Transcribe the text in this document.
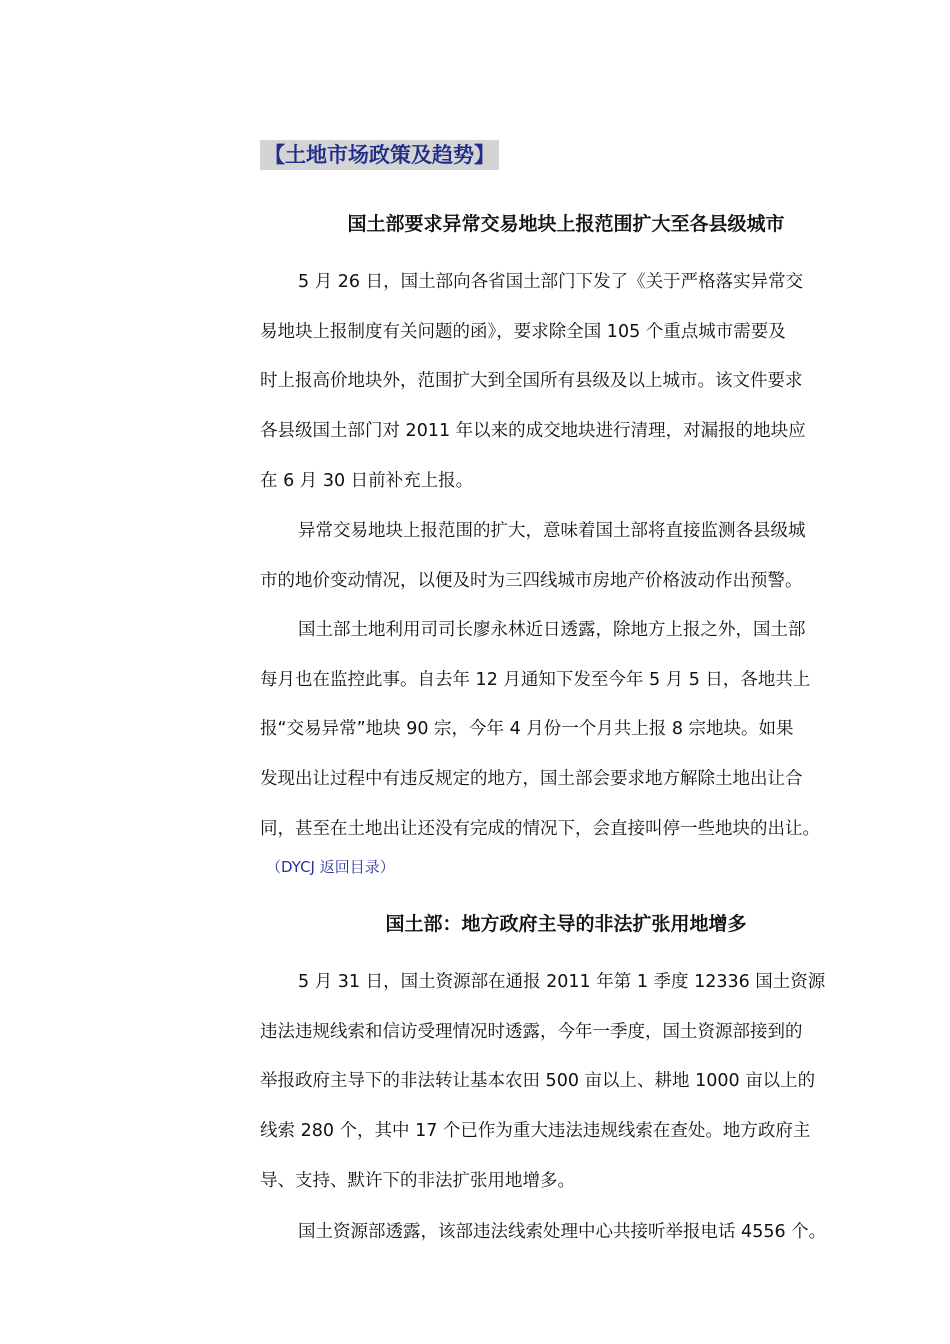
【土地市场政策及趋势】
国土部要求异常交易地块上报范围扩大至各县级城市
5 月 26 日，国土部向各省国土部门下发了《关于严格落实异常交
易地块上报制度有关问题的函》，要求除全国 105 个重点城市需要及
时上报高价地块外，范围扩大到全国所有县级及以上城市。该文件要求
各县级国土部门对 2011 年以来的成交地块进行清理，对漏报的地块应
在 6 月 30 日前补充上报。
异常交易地块上报范围的扩大，意味着国土部将直接监测各县级城
市的地价变动情况，以便及时为三四线城市房地产价格波动作出预警。
国土部土地利用司司长廖永林近日透露，除地方上报之外，国土部
每月也在监控此事。自去年 12 月通知下发至今年 5 月 5 日，各地共上
报“交易异常”地块 90 宗，今年 4 月份一个月共上报 8 宗地块。如果
发现出让过程中有违反规定的地方，国土部会要求地方解除土地出让合
同，甚至在土地出让还没有完成的情况下，会直接叫停一些地块的出让。
（DYCJ 返回目录）
国土部：地方政府主导的非法扩张用地增多
5 月 31 日，国土资源部在通报 2011 年第 1 季度 12336 国土资源
违法违规线索和信访受理情况时透露，今年一季度，国土资源部接到的
举报政府主导下的非法转让基本农田 500 亩以上、耕地 1000 亩以上的
线索 280 个，其中 17 个已作为重大违法违规线索在查处。地方政府主
导、支持、默许下的非法扩张用地增多。
国土资源部透露，该部违法线索处理中心共接听举报电话 4556 个。
